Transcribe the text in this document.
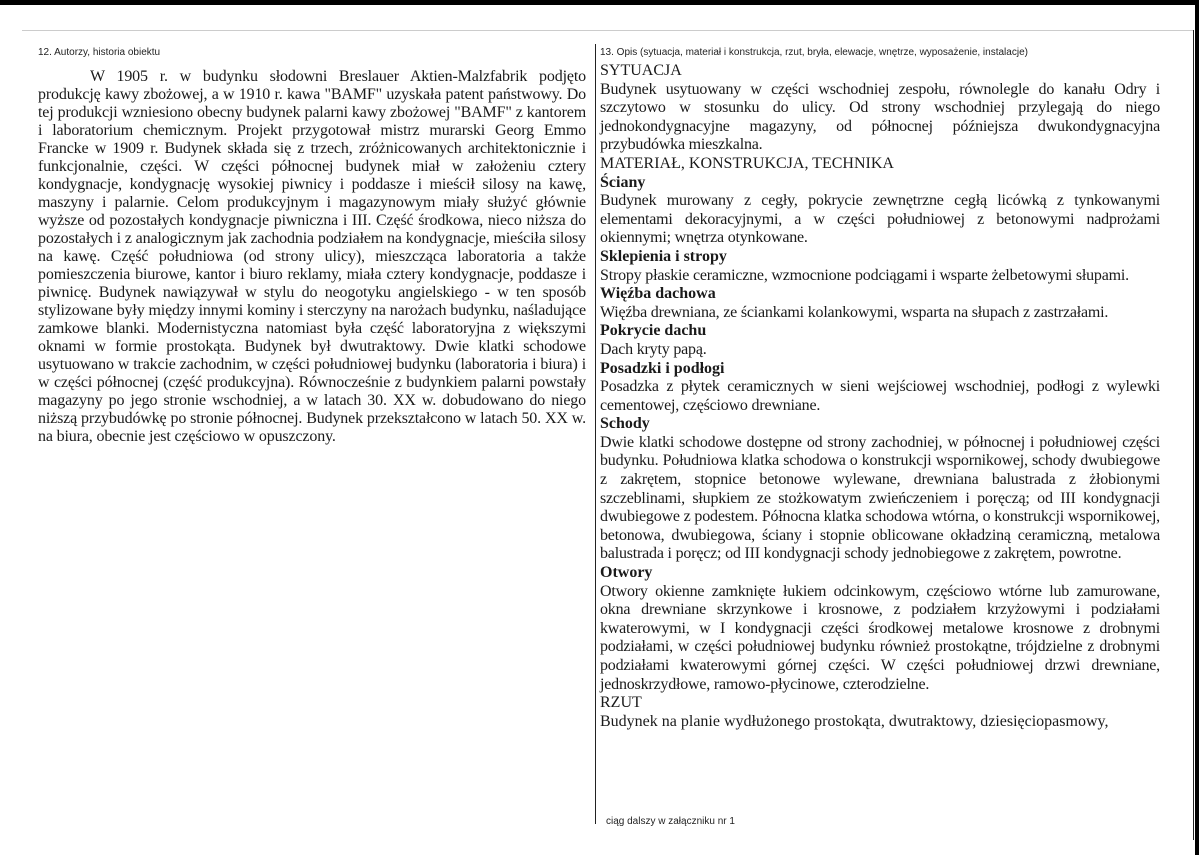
12. Autorzy, historia obiektu
W 1905 r. w budynku słodowni Breslauer Aktien-Malzfabrik podjęto produkcję kawy zbożowej, a w 1910 r. kawa "BAMF" uzyskała patent państwowy. Do tej produkcji wzniesiono obecny budynek palarni kawy zbożowej "BAMF" z kantorem i laboratorium chemicznym. Projekt przygotował mistrz murarski Georg Emmo Francke w 1909 r. Budynek składa się z trzech, zróżnicowanych architektonicznie i funkcjonalnie, części. W części północnej budynek miał w założeniu cztery kondygnacje, kondygnację wysokiej piwnicy i poddasze i mieścił silosy na kawę, maszyny i palarnie. Celom produkcyjnym i magazynowym miały służyć głównie wyższe od pozostałych kondygnacje piwniczna i III. Część środkowa, nieco niższa do pozostałych i z analogicznym jak zachodnia podziałem na kondygnacje, mieściła silosy na kawę. Część południowa (od strony ulicy), mieszcząca laboratoria a także pomieszczenia biurowe, kantor i biuro reklamy, miała cztery kondygnacje, poddasze i piwnicę. Budynek nawiązywał w stylu do neogotyku angielskiego - w ten sposób stylizowane były między innymi kominy i sterczyny na narożach budynku, naśladujące zamkowe blanki. Modernistyczna natomiast była część laboratoryjna z większymi oknami w formie prostokąta. Budynek był dwutraktowy. Dwie klatki schodowe usytuowano w trakcie zachodnim, w części południowej budynku (laboratoria i biura) i w części północnej (część produkcyjna). Równocześnie z budynkiem palarni powstały magazyny po jego stronie wschodniej, a w latach 30. XX w. dobudowano do niego niższą przybudówkę po stronie północnej. Budynek przekształcono w latach 50. XX w. na biura, obecnie jest częściowo w opuszczony.
13. Opis (sytuacja, materiał i konstrukcja, rzut, bryła, elewacje, wnętrze, wyposażenie, instalacje)

SYTUACJA

Budynek usytuowany w części wschodniej zespołu, równolegle do kanału Odry i szczytowo w stosunku do ulicy. Od strony wschodniej przylegają do niego jednokondygnacyjne magazyny, od północnej późniejsza dwukondygnacyjna przybudówka mieszkalna.

MATERIAŁ, KONSTRUKCJA, TECHNIKA

Ściany

Budynek murowany z cegły, pokrycie zewnętrzne cegłą licówką z tynkowanymi elementami dekoracyjnymi, a w części południowej z betonowymi nadprożami okiennymi; wnętrza otynkowane.

Sklepienia i stropy

Stropy płaskie ceramiczne, wzmocnione podciągami i wsparte żelbetowymi słupami.

Więźba dachowa

Więźba drewniana, ze ściankami kolankowymi, wsparta na słupach z zastrzałami.

Pokrycie dachu

Dach kryty papą.

Posadzki i podłogi

Posadzka z płytek ceramicznych w sieni wejściowej wschodniej, podłogi z wylewki cementowej, częściowo drewniane.

Schody

Dwie klatki schodowe dostępne od strony zachodniej, w północnej i południowej części budynku. Południowa klatka schodowa o konstrukcji wspornikowej, schody dwubiegowe z zakrętem, stopnice betonowe wylewane, drewniana balustrada z żłobionymi szczeblinami, słupkiem ze stożkowatym zwieńczeniem i poręczą; od III kondygnacji dwubiegowe z podestem. Północna klatka schodowa wtórna, o konstrukcji wspornikowej, betonowa, dwubiegowa, ściany i stopnie oblicowane okładziną ceramiczną, metalowa balustrada i poręcz; od III kondygnacji schody jednobiegowe z zakrętem, powrotne.

Otwory

Otwory okienne zamknięte łukiem odcinkowym, częściowo wtórne lub zamurowane, okna drewniane skrzynkowe i krosnowe, z podziałem krzyżowymi i podziałami kwaterowymi, w I kondygnacji części środkowej metalowe krosnowe z drobnymi podziałami, w części południowej budynku również prostokątne, trójdzielne z drobnymi podziałami kwaterowymi górnej części. W części południowej drzwi drewniane, jednoskrzydłowe, ramowo-płycinowe, czterodzielne.

RZUT

Budynek na planie wydłużonego prostokąta, dwutraktowy, dziesięciopasmowy,

ciąg dalszy w załączniku nr 1
